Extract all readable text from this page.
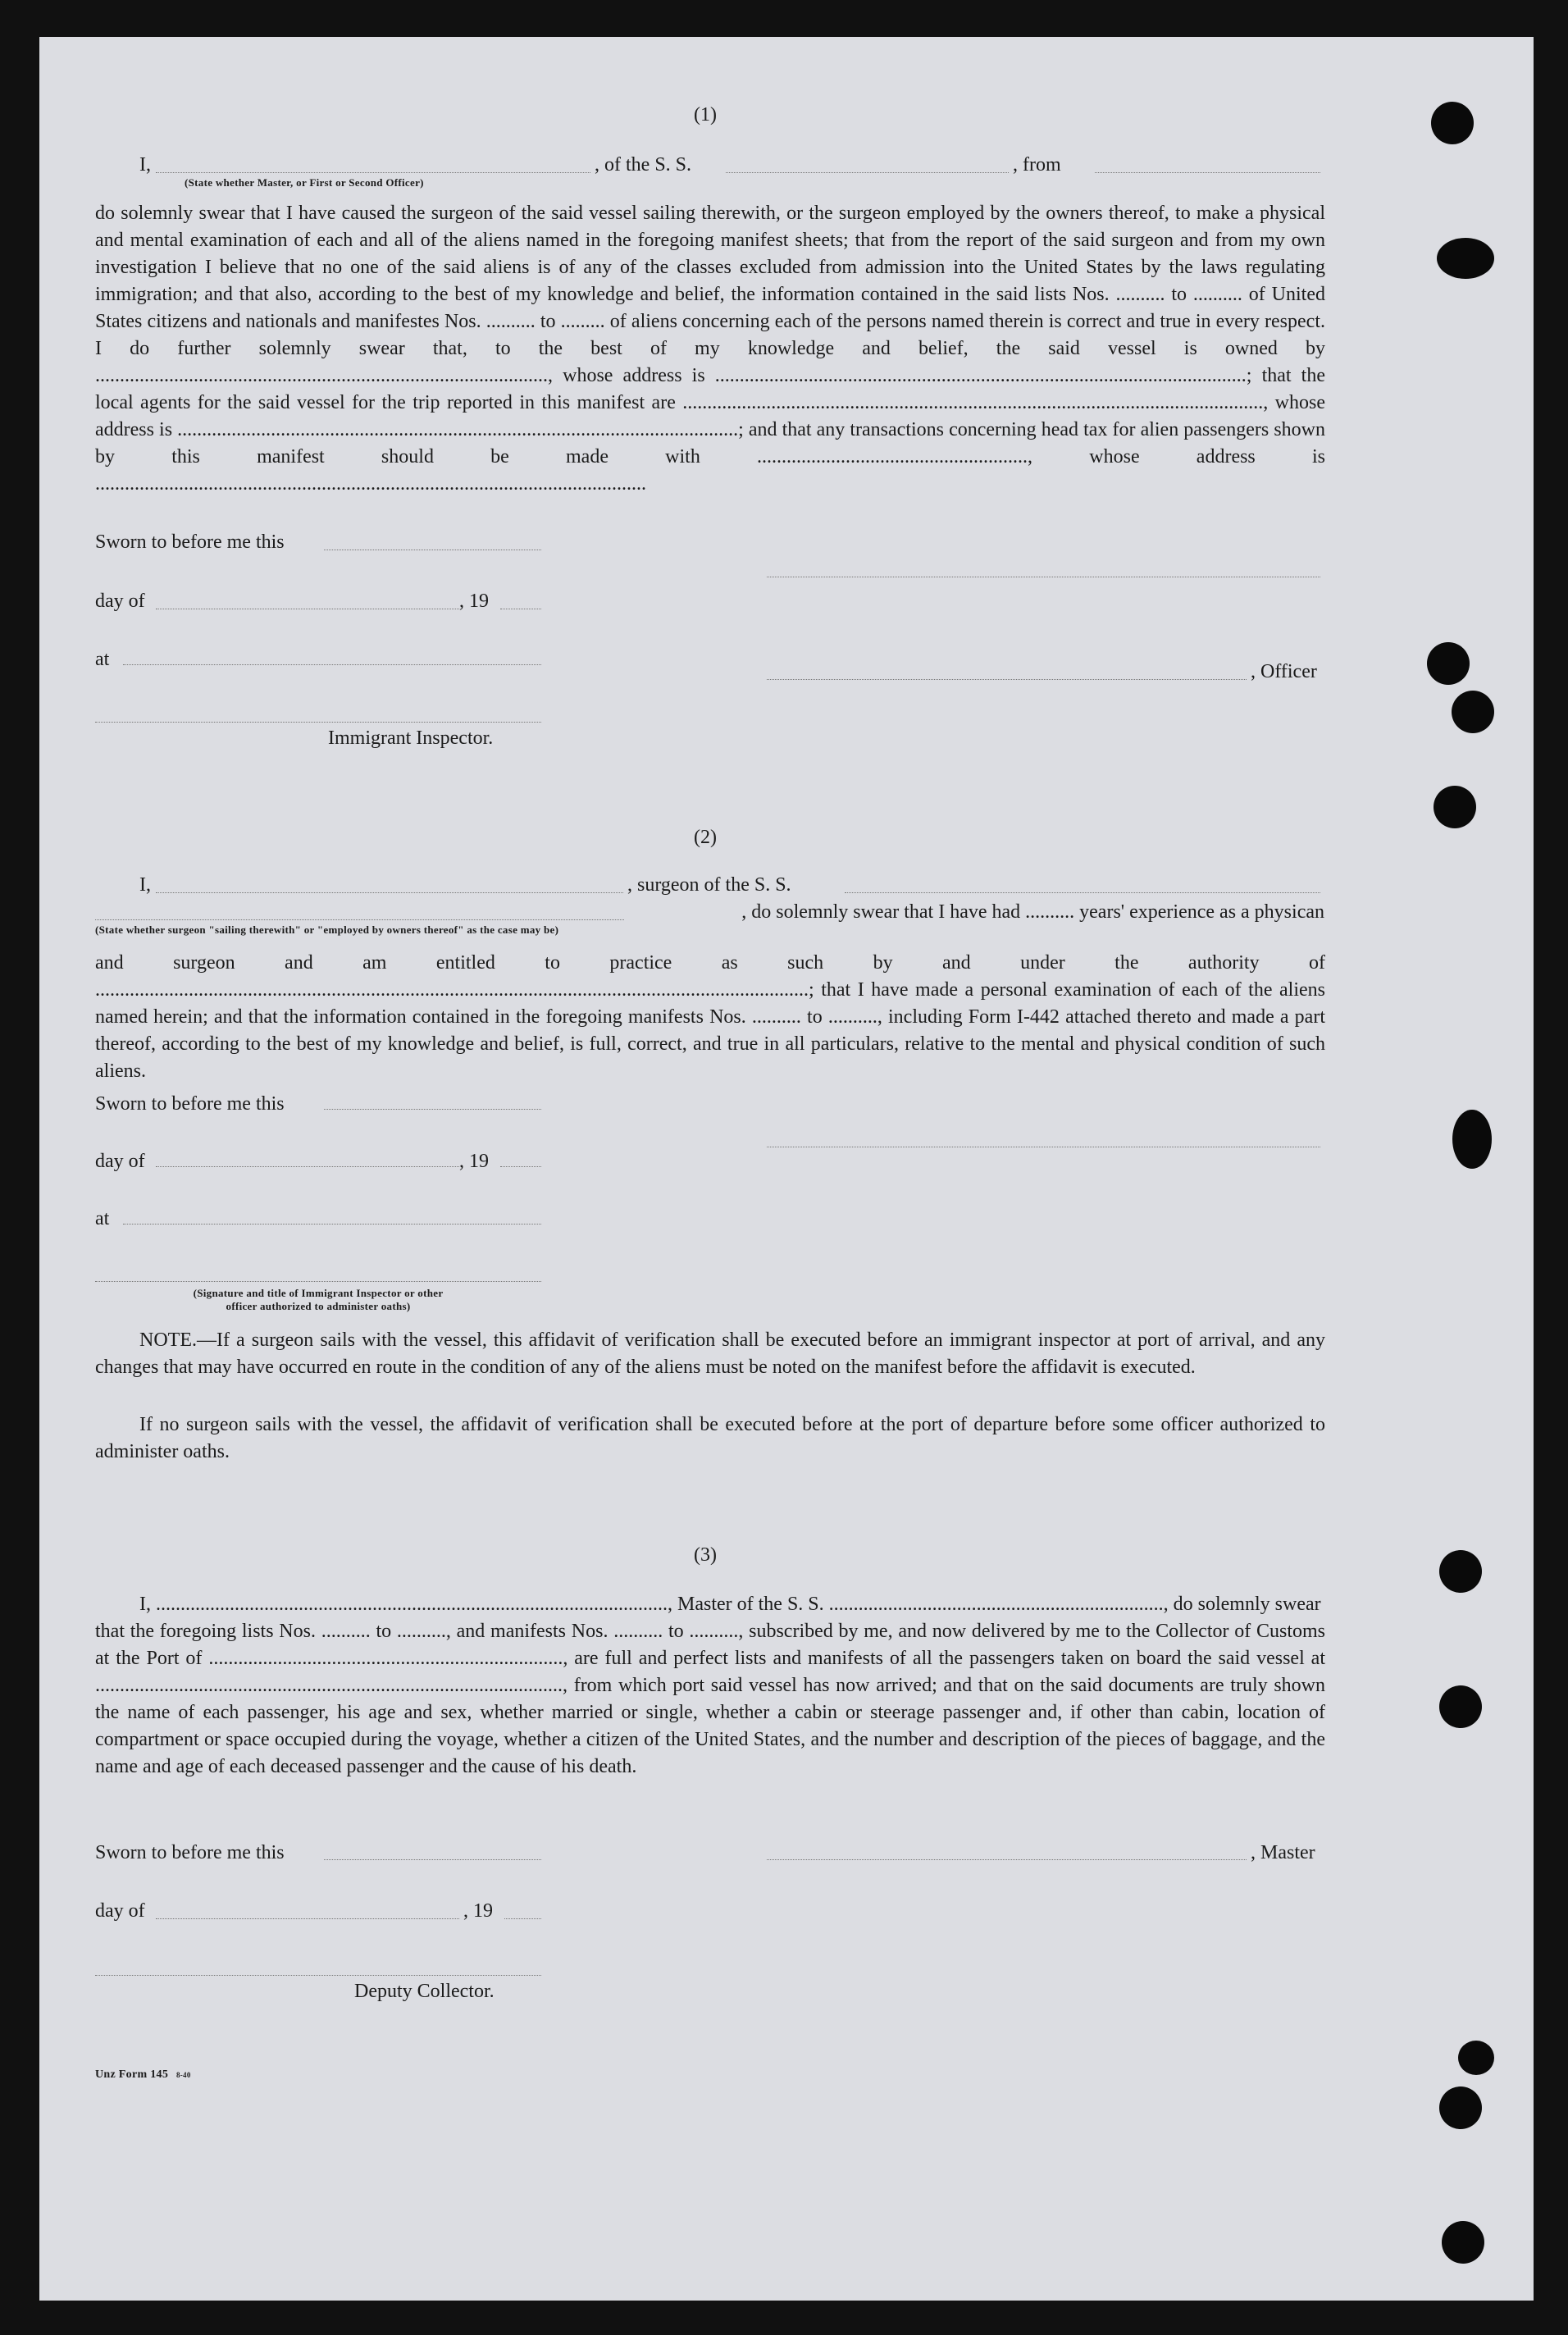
(1)
I,	, of the S. S.	, from
(State whether Master, or First or Second Officer)
do solemnly swear that I have caused the surgeon of the said vessel sailing therewith, or the surgeon employed by the owners thereof, to make a physical and mental examination of each and all of the aliens named in the foregoing manifest sheets; that from the report of the said surgeon and from my own investigation I believe that no one of the said aliens is of any of the classes excluded from admission into the United States by the laws regulating immigration; and that also, according to the best of my knowledge and belief, the information contained in the said lists Nos. .......... to .......... of United States citizens and nationals and manifestes Nos. .......... to ......... of aliens concerning each of the persons named therein is correct and true in every respect. I do further solemnly swear that, to the best of my knowledge and belief, the said vessel is owned by ............................................................................................, whose address is ............................................................................................................; that the local agents for the said vessel for the trip reported in this manifest are ......................................................................................................................, whose address is ..................................................................................................................; and that any transactions concerning head tax for alien passengers shown by this manifest should be made with ......................................................., whose address is ................................................................................................................
Sworn to before me this
day of	, 19
at
, Officer
Immigrant Inspector.
(2)
I,	, surgeon of the S. S.
, do solemnly swear that I have had .......... years' experience as a physican
(State whether surgeon "sailing therewith" or "employed by owners thereof" as the case may be)
and surgeon and am entitled to practice as such by and under the authority of .................................................................................................................................................; that I have made a personal examination of each of the aliens named herein; and that the information contained in the foregoing manifests Nos. .......... to .........., including Form I-442 attached thereto and made a part thereof, according to the best of my knowledge and belief, is full, correct, and true in all particulars, relative to the mental and physical condition of such aliens.
Sworn to before me this
day of	, 19
at
(Signature and title of Immigrant Inspector or other
officer authorized to administer oaths)
NOTE.—If a surgeon sails with the vessel, this affidavit of verification shall be executed before an immigrant inspector at port of arrival, and any changes that may have occurred en route in the condition of any of the aliens must be noted on the manifest before the affidavit is executed.
If no surgeon sails with the vessel, the affidavit of verification shall be executed before at the port of departure before some officer authorized to administer oaths.
(3)
I, ........................................................................................................, Master of the S. S. ...................................................................., do solemnly swear
that the foregoing lists Nos. .......... to .........., and manifests Nos. .......... to .........., subscribed by me, and now delivered by me to the Collector of Customs at the Port of ........................................................................, are full and perfect lists and manifests of all the passengers taken on board the said vessel at ..............................................................................................., from which port said vessel has now arrived; and that on the said documents are truly shown the name of each passenger, his age and sex, whether married or single, whether a cabin or steerage passenger and, if other than cabin, location of compartment or space occupied during the voyage, whether a citizen of the United States, and the number and description of the pieces of baggage, and the name and age of each deceased passenger and the cause of his death.
Sworn to before me this	, Master
day of	, 19
Deputy Collector.
Unz Form 145 8-40
